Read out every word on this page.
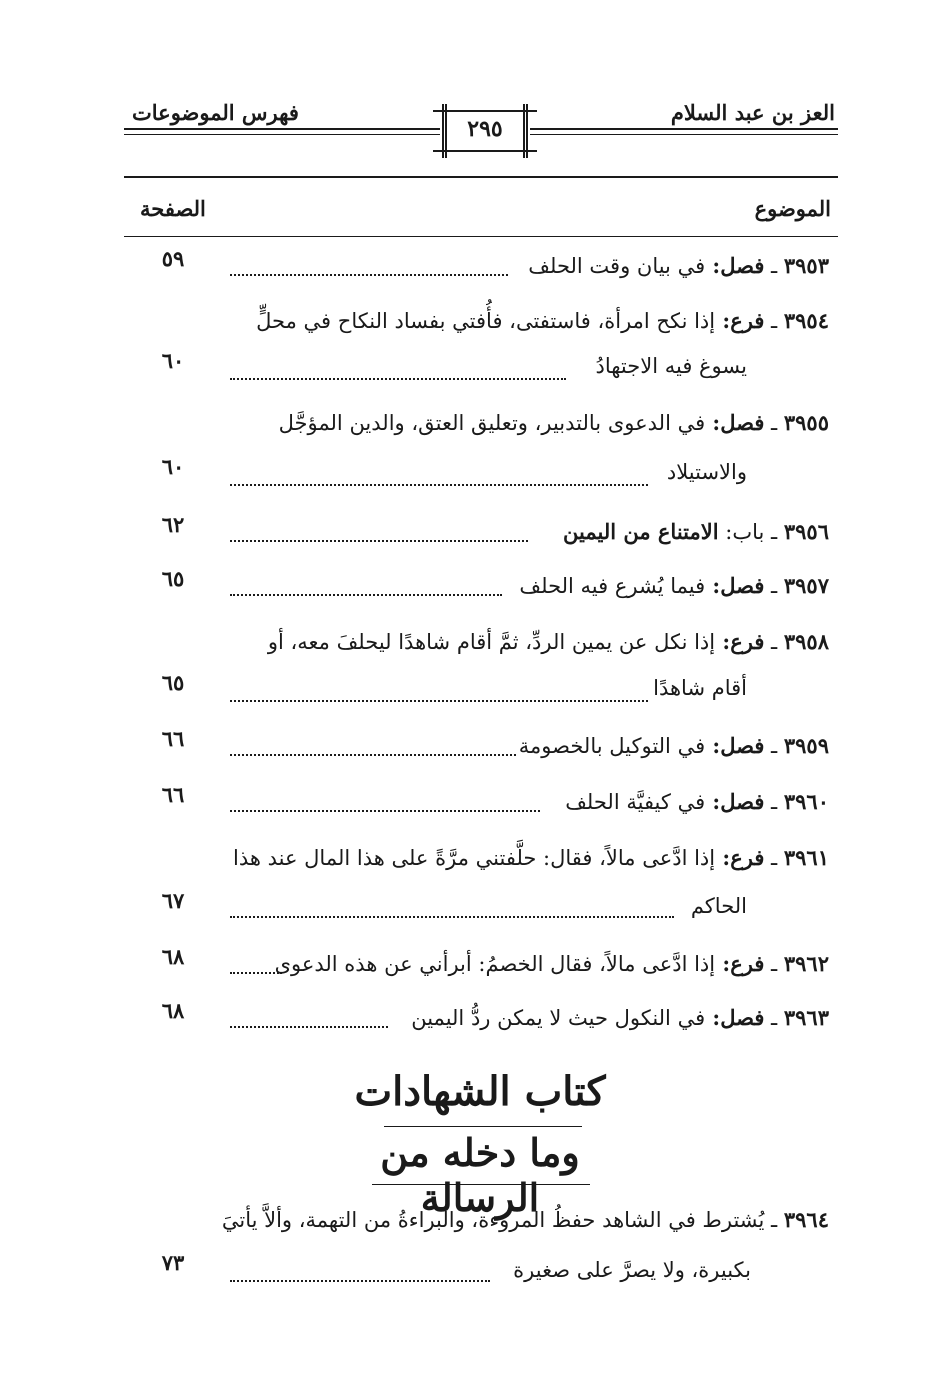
العز بن عبد السلام
فهرس الموضوعات
٢٩٥
الموضوع
الصفحة
٣٩٥٣ ـ فصل: في بيان وقت الحلف
٥٩
٣٩٥٤ ـ فرع: إذا نكح امرأة، فاستفتى، فأُفتي بفساد النكاح في محلٍّ
يسوغ فيه الاجتهادُ
٦٠
٣٩٥٥ ـ فصل: في الدعوى بالتدبير، وتعليق العتق، والدين المؤجَّل
والاستيلاد
٦٠
٣٩٥٦ ـ باب: الامتناع من اليمين
٦٢
٣٩٥٧ ـ فصل: فيما يُشرع فيه الحلف
٦٥
٣٩٥٨ ـ فرع: إذا نكل عن يمين الردِّ، ثمَّ أقام شاهدًا ليحلفَ معه، أو
أقام شاهدًا
٦٥
٣٩٥٩ ـ فصل: في التوكيل بالخصومة
٦٦
٣٩٦٠ ـ فصل: في كيفيَّة الحلف
٦٦
٣٩٦١ ـ فرع: إذا ادَّعى مالاً، فقال: حلَّفتني مرَّةً على هذا المال عند هذا
الحاكم
٦٧
٣٩٦٢ ـ فرع: إذا ادَّعى مالاً، فقال الخصمُ: أبرأني عن هذه الدعوى
٦٨
٣٩٦٣ ـ فصل: في النكول حيث لا يمكن ردُّ اليمين
٦٨
كتاب الشهادات
وما دخله من الرسالة	٣٩٦٤ ـ يُشترط في الشاهد حفظُ المروءة، والبراءةُ من التهمة، وألاَّ يأتيَ
بكبيرة، ولا يصرَّ على صغيرة
٧٣
